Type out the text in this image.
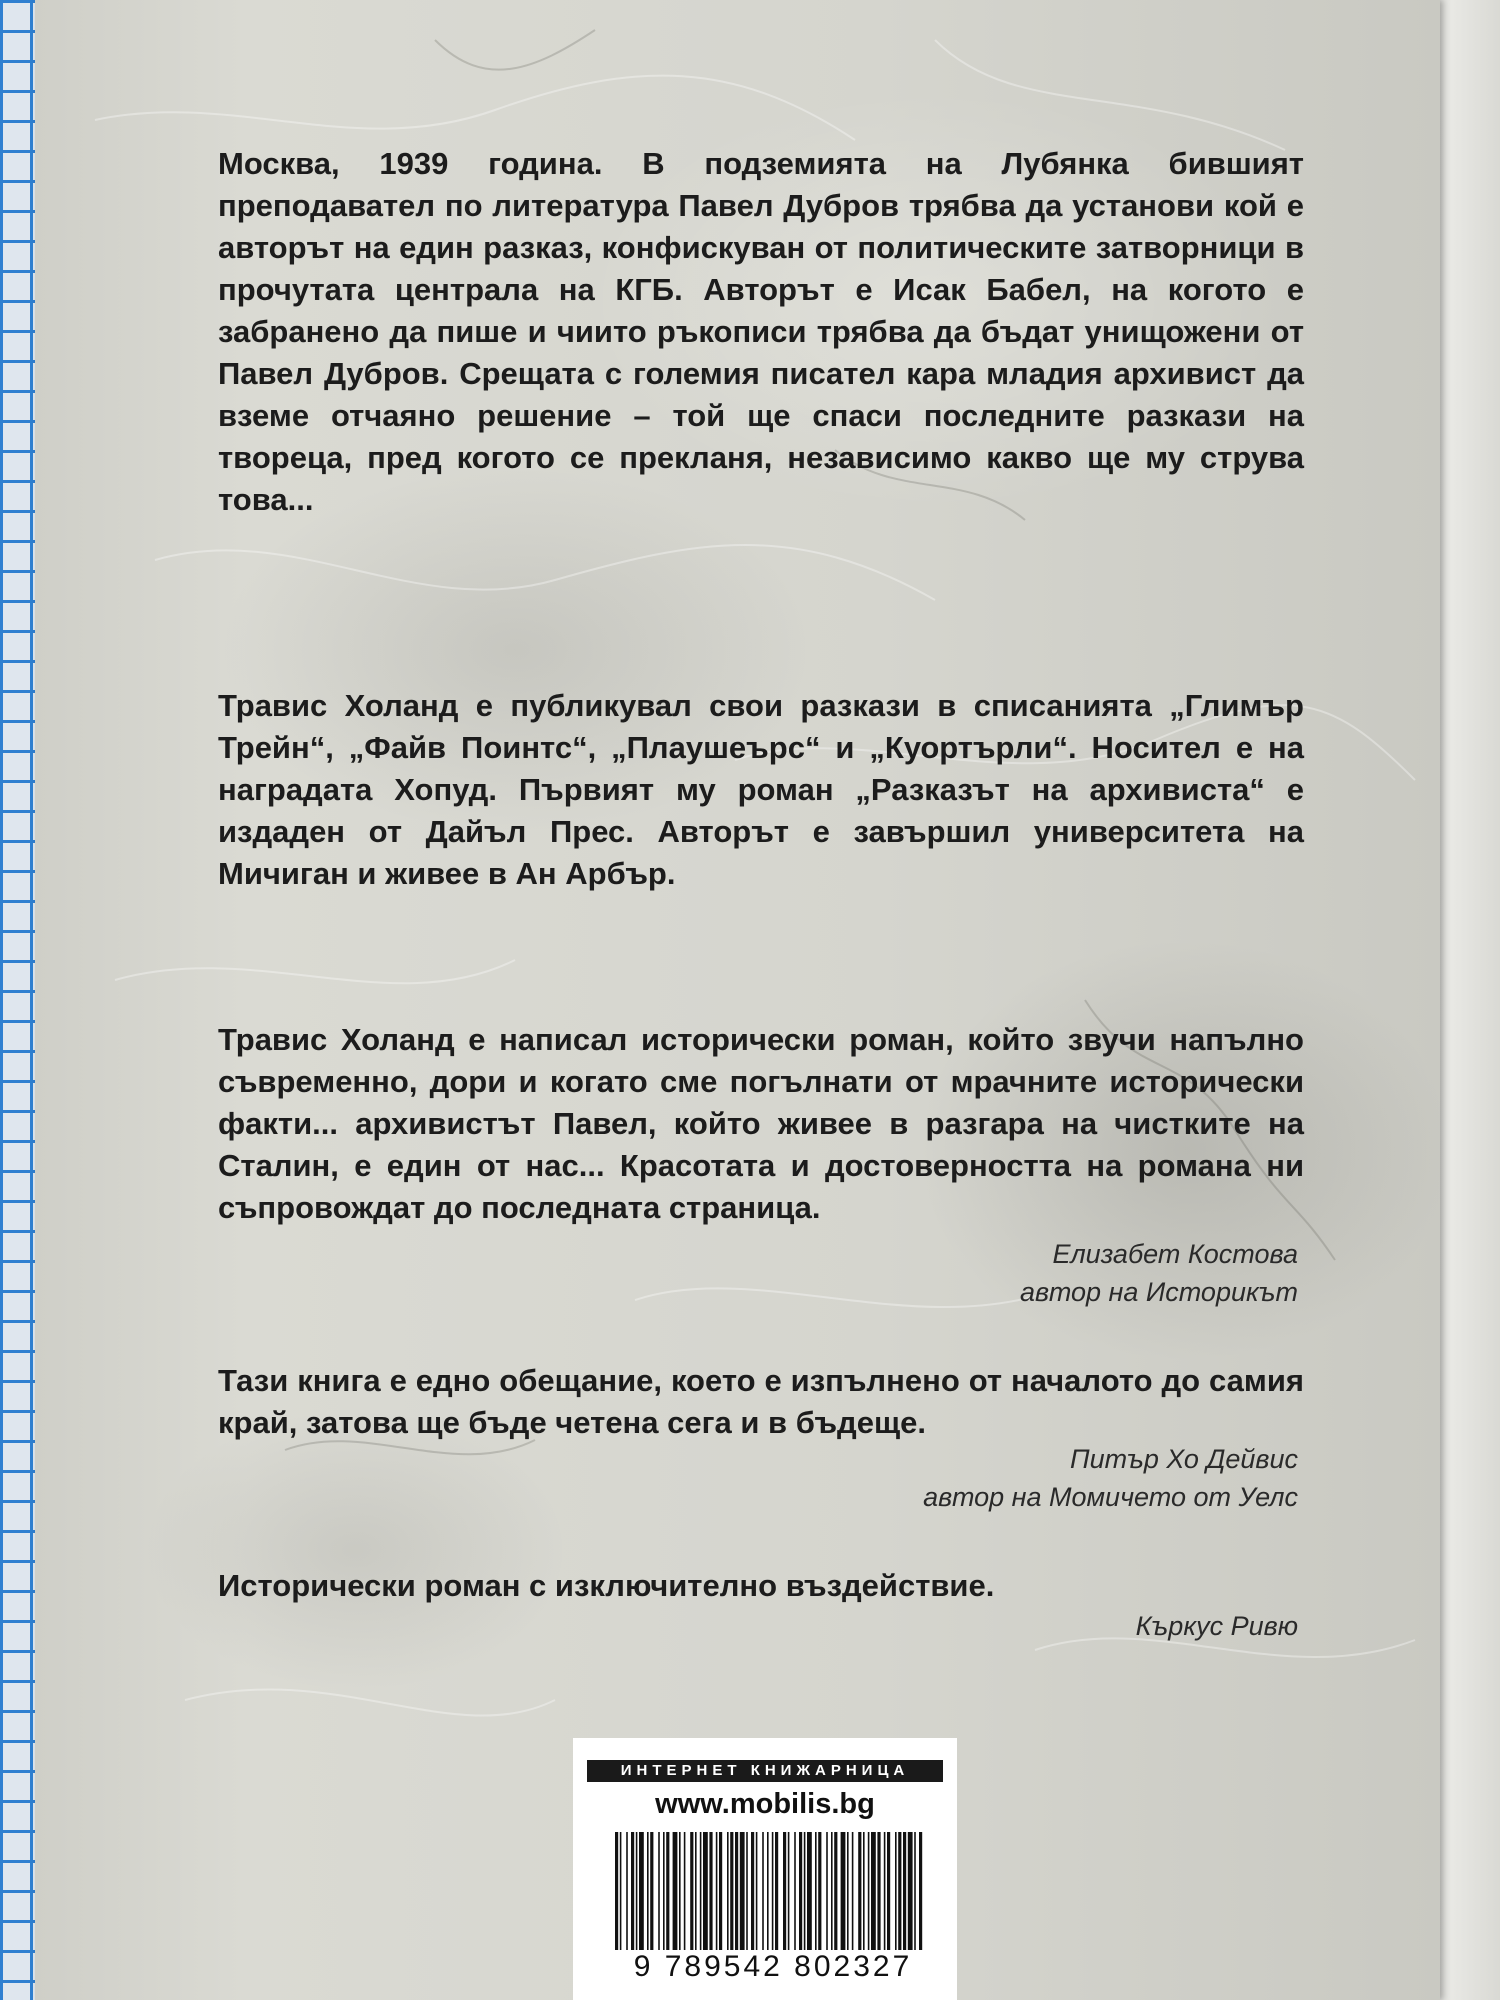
Москва, 1939 година. В подземията на Лубянка бившият преподавател по литература Павел Дубров трябва да установи кой е авторът на един разказ, конфискуван от политическите затворници в прочутата централа на КГБ. Авторът е Исак Бабел, на когото е забранено да пише и чиито ръкописи трябва да бъдат унищожени от Павел Дубров. Срещата с големия писател кара младия архивист да вземе отчаяно решение – той ще спаси последните разкази на твореца, пред когото се прекланя, независимо какво ще му струва това...
Травис Холанд е публикувал свои разкази в списанията „Глимър Трейн“, „Файв Поинтс“, „Плаушеърс“ и „Куортърли“. Носител е на наградата Хопуд. Първият му роман „Разказът на архивиста“ е издаден от Дайъл Прес. Авторът е завършил университета на Мичиган и живее в Ан Арбър.
Травис Холанд е написал исторически роман, който звучи напълно съвременно, дори и когато сме погълнати от мрачните исторически факти... архивистът Павел, който живее в разгара на чистките на Сталин, е един от нас... Красотата и достоверността на романа ни съпровождат до последната страница.
Елизабет Костова
автор на Историкът
Тази книга е едно обещание, което е изпълнено от началото до самия край, затова ще бъде четена сега и в бъдеще.
Питър Хо Дейвис
автор на Момичето от Уелс
Исторически роман с изключително въздействие.
Къркус Ривю
ИНТЕРНЕТ КНИЖАРНИЦА
www.mobilis.bg
9 789542 802327
